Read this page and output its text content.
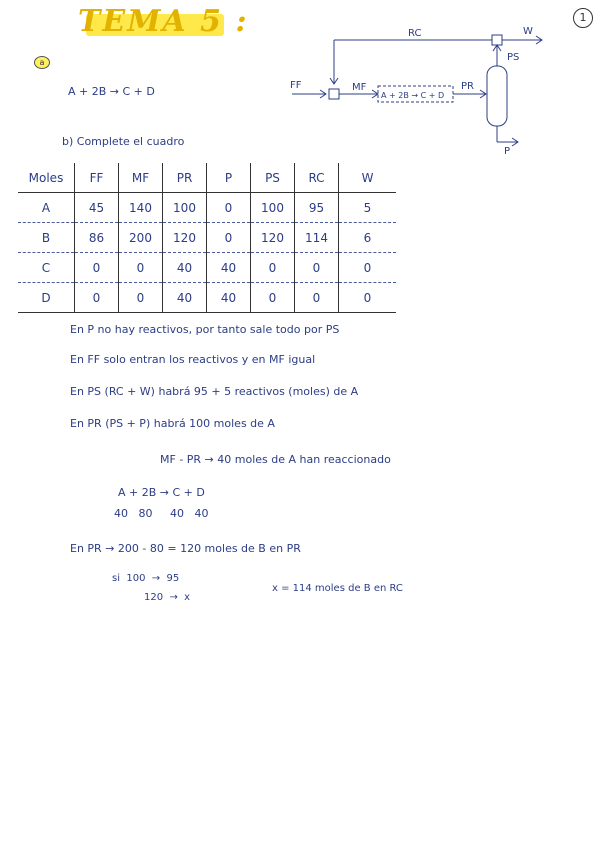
TEMA 5 :	1
a
A + 2B → C + D
RC	W
PS
FF	MF
A + 2B → C + D
PR
P
b) Complete el cuadro
Moles	FF	MF	PR	P	PS	RC	W
A	45	140	100	0	100	95	5
B	86	200	120	0	120	114	6
C	0	0	40	40	0	0	0
D	0	0	40	40	0	0	0
En P no hay reactivos, por tanto sale todo por PS
En FF solo entran los reactivos y en MF igual
En PS (RC + W) habrá 95 + 5 reactivos (moles) de A
En PR (PS + P) habrá 100 moles de A
MF - PR → 40 moles de A han reaccionado
A + 2B → C + D
40   80     40   40
En PR → 200 - 80 = 120 moles de B en PR
si  100  →  95
120  →  x
x = 114 moles de B en RC
